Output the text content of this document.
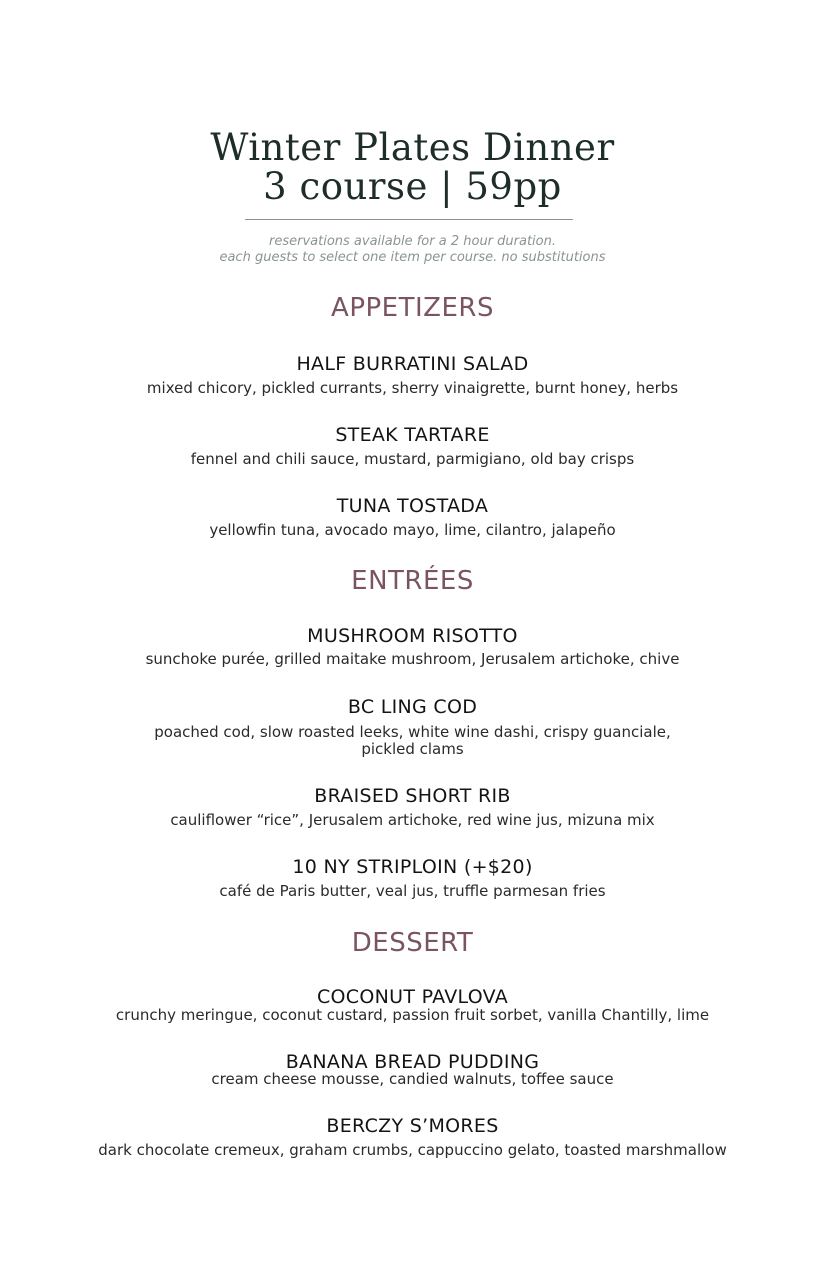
Winter Plates Dinner
3 course | 59pp
reservations available for a 2 hour duration.
each guests to select one item per course. no substitutions
APPETIZERS
HALF BURRATINI SALAD
mixed chicory, pickled currants, sherry vinaigrette, burnt honey, herbs
STEAK TARTARE
fennel and chili sauce, mustard, parmigiano, old bay crisps
TUNA TOSTADA
yellowfin tuna, avocado mayo, lime, cilantro, jalapeño
ENTRÉES
MUSHROOM RISOTTO
sunchoke purée, grilled maitake mushroom, Jerusalem artichoke, chive
BC LING COD
poached cod, slow roasted leeks, white wine dashi, crispy guanciale,
pickled clams
BRAISED SHORT RIB
cauliflower “rice”, Jerusalem artichoke, red wine jus, mizuna mix
10 NY STRIPLOIN (+$20)
café de Paris butter, veal jus, truffle parmesan fries
DESSERT
COCONUT PAVLOVA
crunchy meringue, coconut custard, passion fruit sorbet, vanilla Chantilly, lime
BANANA BREAD PUDDING
cream cheese mousse, candied walnuts, toffee sauce
BERCZY S’MORES
dark chocolate cremeux, graham crumbs, cappuccino gelato, toasted marshmallow
